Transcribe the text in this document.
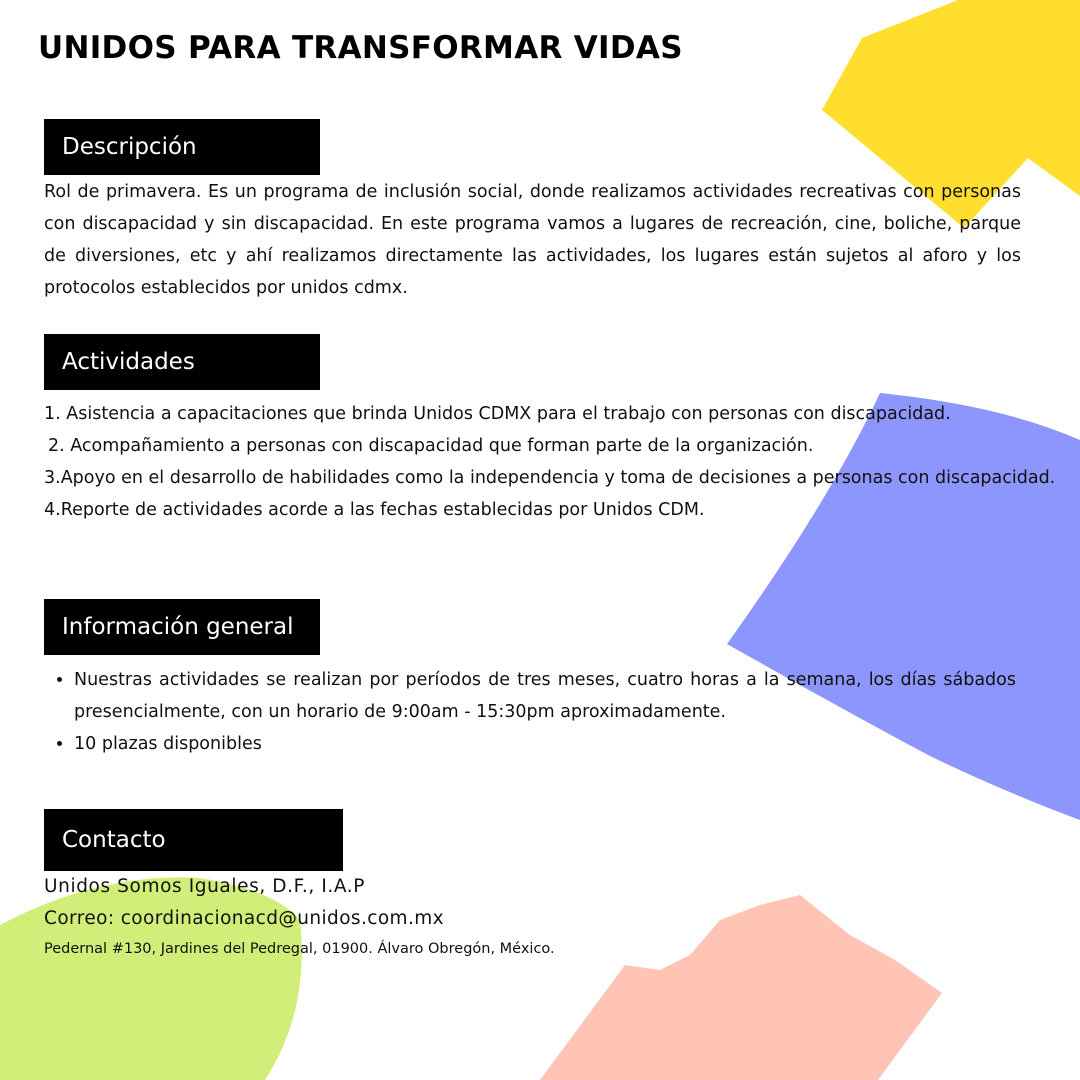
UNIDOS PARA TRANSFORMAR VIDAS
Descripción

Rol de primavera. Es un programa de inclusión social, donde realizamos actividades recreativas con personas con discapacidad y sin discapacidad. En este programa vamos a lugares de recreación, cine, boliche, parque de diversiones, etc y ahí realizamos directamente las actividades, los lugares están sujetos al aforo y los protocolos establecidos por unidos cdmx.

Actividades
1. Asistencia a capacitaciones que brinda Unidos CDMX para el trabajo con personas con discapacidad.
2. Acompañamiento a personas con discapacidad que forman parte de la organización.
3.Apoyo en el desarrollo de habilidades como la independencia y toma de decisiones a personas con discapacidad.
4.Reporte de actividades acorde a las fechas establecidas por Unidos CDM.
Información general
• Nuestras actividades se realizan por períodos de tres meses, cuatro horas a la semana, los días sábados presencialmente, con un horario de 9:00am - 15:30pm aproximadamente.
• 10 plazas disponibles
Contacto

Unidos Somos Iguales, D.F., I.A.P

Correo: coordinacionacd@unidos.com.mx

Pedernal #130, Jardines del Pedregal, 01900. Álvaro Obregón, México.
